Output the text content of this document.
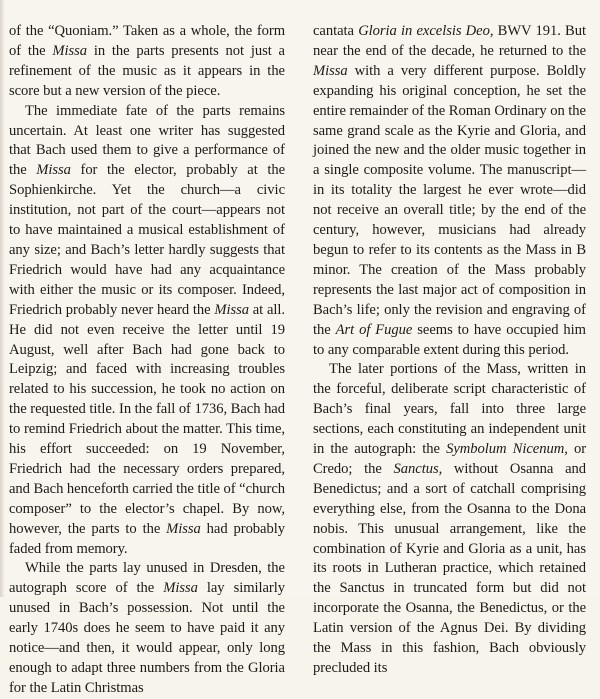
of the “Quoniam.” Taken as a whole, the form of the Missa in the parts presents not just a refinement of the music as it appears in the score but a new version of the piece.

The immediate fate of the parts remains uncertain. At least one writer has suggested that Bach used them to give a performance of the Missa for the elector, probably at the Sophienkirche. Yet the church—a civic institution, not part of the court—appears not to have maintained a musical establishment of any size; and Bach’s letter hardly suggests that Friedrich would have had any acquaintance with either the music or its composer. Indeed, Friedrich probably never heard the Missa at all. He did not even receive the letter until 19 August, well after Bach had gone back to Leipzig; and faced with increasing troubles related to his succession, he took no action on the requested title. In the fall of 1736, Bach had to remind Friedrich about the matter. This time, his effort succeeded: on 19 November, Friedrich had the necessary orders prepared, and Bach henceforth carried the title of “church composer” to the elector’s chapel. By now, however, the parts to the Missa had probably faded from memory.

While the parts lay unused in Dresden, the autograph score of the Missa lay similarly unused in Bach’s possession. Not until the early 1740s does he seem to have paid it any notice—and then, it would appear, only long enough to adapt three numbers from the Gloria for the Latin Christmas

cantata Gloria in excelsis Deo, BWV 191. But near the end of the decade, he returned to the Missa with a very different purpose. Boldly expanding his original conception, he set the entire remainder of the Roman Ordinary on the same grand scale as the Kyrie and Gloria, and joined the new and the older music together in a single composite volume. The manuscript—in its totality the largest he ever wrote—did not receive an overall title; by the end of the century, however, musicians had already begun to refer to its contents as the Mass in B minor. The creation of the Mass probably represents the last major act of composition in Bach’s life; only the revision and engraving of the Art of Fugue seems to have occupied him to any comparable extent during this period.

The later portions of the Mass, written in the forceful, deliberate script characteristic of Bach’s final years, fall into three large sections, each constituting an independent unit in the autograph: the Symbolum Nicenum, or Credo; the Sanctus, without Osanna and Benedictus; and a sort of catchall comprising everything else, from the Osanna to the Dona nobis. This unusual arrangement, like the combination of Kyrie and Gloria as a unit, has its roots in Lutheran practice, which retained the Sanctus in truncated form but did not incorporate the Osanna, the Benedictus, or the Latin version of the Agnus Dei. By dividing the Mass in this fashion, Bach obviously precluded its
